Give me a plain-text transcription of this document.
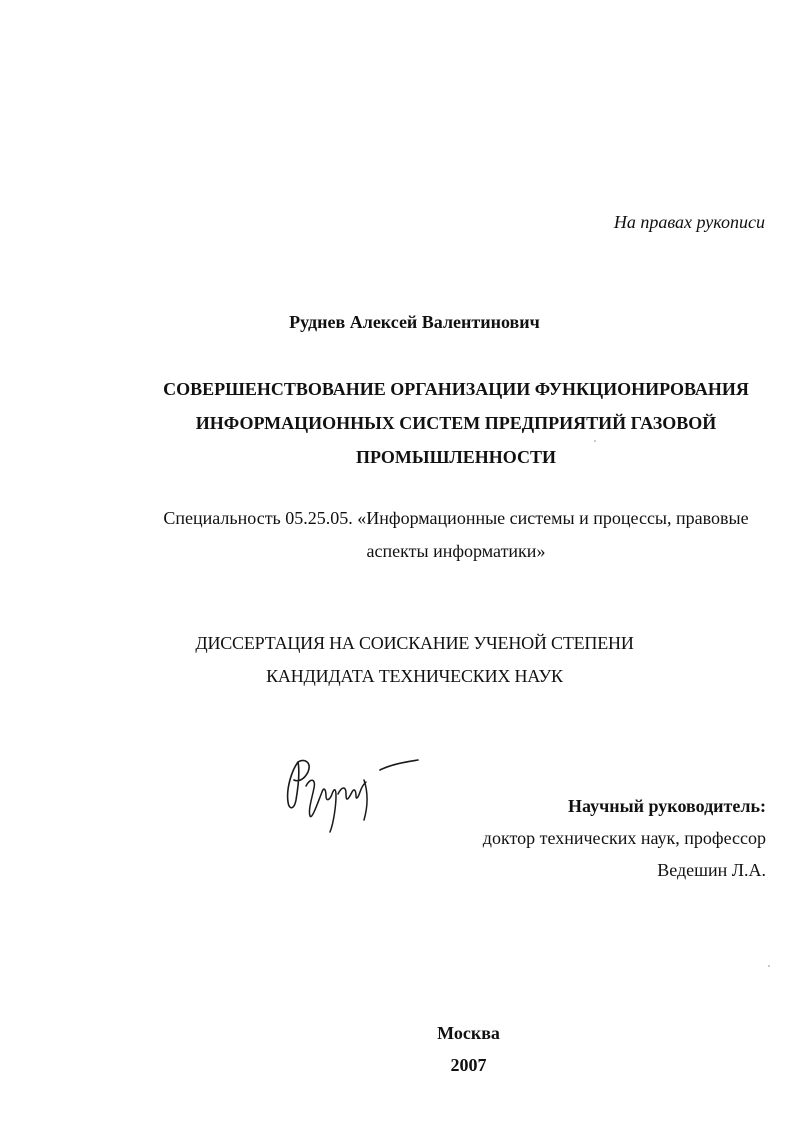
На правах рукописи
Руднев Алексей Валентинович
СОВЕРШЕНСТВОВАНИЕ ОРГАНИЗАЦИИ ФУНКЦИОНИРОВАНИЯ
ИНФОРМАЦИОННЫХ СИСТЕМ ПРЕДПРИЯТИЙ ГАЗОВОЙ
ПРОМЫШЛЕННОСТИ
Специальность 05.25.05. «Информационные системы и процессы, правовые
аспекты информатики»
ДИССЕРТАЦИЯ НА СОИСКАНИЕ УЧЕНОЙ СТЕПЕНИ
КАНДИДАТА ТЕХНИЧЕСКИХ НАУК
Научный руководитель:
доктор технических наук, профессор
Ведешин Л.А.
Москва
2007
